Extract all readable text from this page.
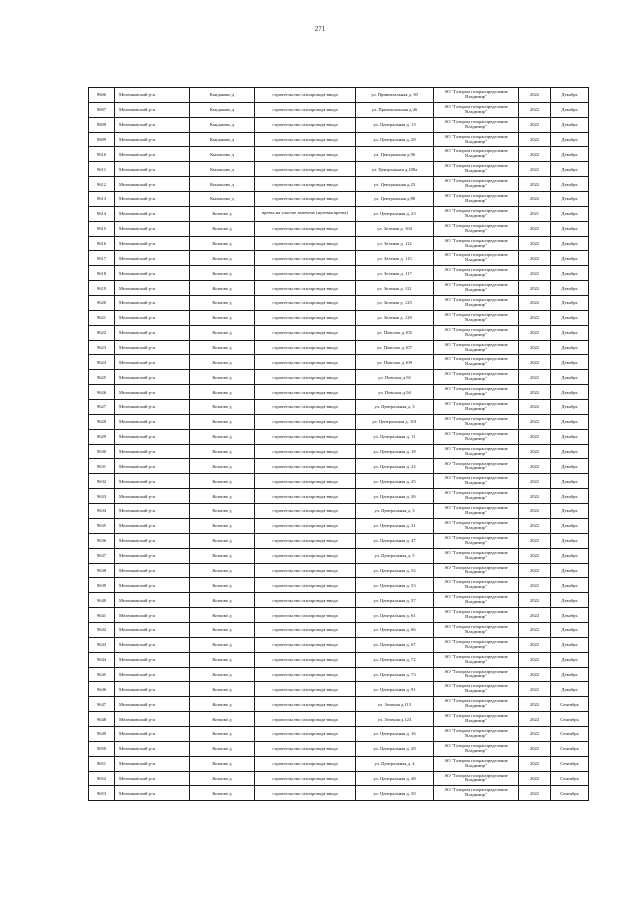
271
9606	Меленковский р-н	Кондаково д	строительство газопровода-ввода	ул. Привокзальная д. 50	АО "Газпром газораспределение Владимир"	2022	Декабрь
9607	Меленковский р-н	Кондаково д	строительство газопровода-ввода	ул. Привокзальная д.26	АО "Газпром газораспределение Владимир"	2022	Декабрь
9608	Меленковский р-н	Кондаково д	строительство газопровода-ввода	ул. Центральная д. 13	АО "Газпром газораспределение Владимир"	2022	Декабрь
9609	Меленковский р-н	Кондаково д	строительство газопровода-ввода	ул. Центральная д. 28	АО "Газпром газораспределение Владимир"	2022	Декабрь
9610	Меленковский р-н	Коношово д	строительство газопровода-ввода	ул. Центральная д.96	АО "Газпром газораспределение Владимир"	2022	Декабрь
9611	Меленковский р-н	Коношово д	строительство газопровода-ввода	ул. Центральная д.108а	АО "Газпром газораспределение Владимир"	2022	Декабрь
9612	Меленковский р-н	Коношово д	строительство газопровода-ввода	ул. Центральная д.23	АО "Газпром газораспределение Владимир"	2022	Декабрь
9613	Меленковский р-н	Коношово д	строительство газопровода-ввода	ул. Центральная д.88	АО "Газпром газораспределение Владимир"	2022	Декабрь
9614	Меленковский р-н	Котково д	врезка на участке замечене (нулевая врезка)	ул. Центральная д. 23	АО "Газпром газораспределение Владимир"	2021	Декабрь
9615	Меленковский р-н	Котково д	строительство газопровода-ввода	ул. Зеленая д. 104	АО "Газпром газораспределение Владимир"	2022	Декабрь
9616	Меленковский р-н	Котково д	строительство газопровода-ввода	ул. Зеленая д. 112	АО "Газпром газораспределение Владимир"	2022	Декабрь
9617	Меленковский р-н	Котково д	строительство газопровода-ввода	ул. Зеленая д. 115	АО "Газпром газораспределение Владимир"	2022	Декабрь
9618	Меленковский р-н	Котково д	строительство газопровода-ввода	ул. Зеленая д. 117	АО "Газпром газораспределение Владимир"	2022	Декабрь
9619	Меленковский р-н	Котково д	строительство газопровода-ввода	ул. Зеленая д. 121	АО "Газпром газораспределение Владимир"	2022	Декабрь
9620	Меленковский р-н	Котково д	строительство газопровода-ввода	ул. Зеленая д. 125	АО "Газпром газораспределение Владимир"	2022	Декабрь
9621	Меленковский р-н	Котково д	строительство газопровода-ввода	ул. Зеленая д. 129	АО "Газпром газораспределение Владимир"	2022	Декабрь
9622	Меленковский р-н	Котково д	строительство газопровода-ввода	ул. Поволок д.105	АО "Газпром газораспределение Владимир"	2022	Декабрь
9623	Меленковский р-н	Котково д	строительство газопровода-ввода	ул. Поволок д.107	АО "Газпром газораспределение Владимир"	2022	Декабрь
9624	Меленковский р-н	Котково д	строительство газопровода-ввода	ул. Поволок д.109	АО "Газпром газораспределение Владимир"	2022	Декабрь
9625	Меленковский р-н	Котково д	строительство газопровода-ввода	ул. Поволок д.92	АО "Газпром газораспределение Владимир"	2022	Декабрь
9626	Меленковский р-н	Котково д	строительство газопровода-ввода	ул. Поволок д.94	АО "Газпром газораспределение Владимир"	2022	Декабрь
9627	Меленковский р-н	Котково д	строительство газопровода-ввода	ул. Центральная д. 3	АО "Газпром газораспределение Владимир"	2022	Декабрь
9628	Меленковский р-н	Котково д	строительство газопровода-ввода	ул. Центральная д. 101	АО "Газпром газораспределение Владимир"	2022	Декабрь
9629	Меленковский р-н	Котково д	строительство газопровода-ввода	ул. Центральная д. 11	АО "Газпром газораспределение Владимир"	2022	Декабрь
9630	Меленковский р-н	Котково д	строительство газопровода-ввода	ул. Центральная д. 18	АО "Газпром газораспределение Владимир"	2022	Декабрь
9631	Меленковский р-н	Котково д	строительство газопровода-ввода	ул. Центральная д. 22	АО "Газпром газораспределение Владимир"	2022	Декабрь
9632	Меленковский р-н	Котково д	строительство газопровода-ввода	ул. Центральная д. 25	АО "Газпром газораспределение Владимир"	2022	Декабрь
9633	Меленковский р-н	Котково д	строительство газопровода-ввода	ул. Центральная д. 26	АО "Газпром газораспределение Владимир"	2022	Декабрь
9634	Меленковский р-н	Котково д	строительство газопровода-ввода	ул. Центральная д. 3	АО "Газпром газораспределение Владимир"	2022	Декабрь
9635	Меленковский р-н	Котково д	строительство газопровода-ввода	ул. Центральная д. 31	АО "Газпром газораспределение Владимир"	2022	Декабрь
9636	Меленковский р-н	Котково д	строительство газопровода-ввода	ул. Центральная д. 47	АО "Газпром газораспределение Владимир"	2022	Декабрь
9637	Меленковский р-н	Котково д	строительство газопровода-ввода	ул. Центральная д. 5	АО "Газпром газораспределение Владимир"	2022	Декабрь
9638	Меленковский р-н	Котково д	строительство газопровода-ввода	ул. Центральная д. 52	АО "Газпром газораспределение Владимир"	2022	Декабрь
9639	Меленковский р-н	Котково д	строительство газопровода-ввода	ул. Центральная д. 53	АО "Газпром газораспределение Владимир"	2022	Декабрь
9640	Меленковский р-н	Котково д	строительство газопровода-ввода	ул. Центральная д. 57	АО "Газпром газораспределение Владимир"	2022	Декабрь
9641	Меленковский р-н	Котково д	строительство газопровода-ввода	ул. Центральная д. 61	АО "Газпром газораспределение Владимир"	2022	Декабрь
9642	Меленковский р-н	Котково д	строительство газопровода-ввода	ул. Центральная д. 66	АО "Газпром газораспределение Владимир"	2022	Декабрь
9643	Меленковский р-н	Котково д	строительство газопровода-ввода	ул. Центральная д. 67	АО "Газпром газораспределение Владимир"	2022	Декабрь
9644	Меленковский р-н	Котково д	строительство газопровода-ввода	ул. Центральная д. 72	АО "Газпром газораспределение Владимир"	2022	Декабрь
9645	Меленковский р-н	Котково д	строительство газопровода-ввода	ул. Центральная д. 73	АО "Газпром газораспределение Владимир"	2022	Декабрь
9646	Меленковский р-н	Котково д	строительство газопровода-ввода	ул. Центральная д. 91	АО "Газпром газораспределение Владимир"	2022	Декабрь
9647	Меленковский р-н	Котково д	строительство газопровода-ввода	ул. Зеленая д.113	АО "Газпром газораспределение Владимир"	2022	Сентябрь
9648	Меленковский р-н	Котково д	строительство газопровода-ввода	ул. Зеленая д.123	АО "Газпром газораспределение Владимир"	2022	Сентябрь
9649	Меленковский р-н	Котково д	строительство газопровода-ввода	ул. Центральная д. 16	АО "Газпром газораспределение Владимир"	2022	Сентябрь
9650	Меленковский р-н	Котково д	строительство газопровода-ввода	ул. Центральная д. 28	АО "Газпром газораспределение Владимир"	2022	Сентябрь
9651	Меленковский р-н	Котково д	строительство газопровода-ввода	ул. Центральная д. 4	АО "Газпром газораспределение Владимир"	2022	Сентябрь
9652	Меленковский р-н	Котково д	строительство газопровода-ввода	ул. Центральная д. 48	АО "Газпром газораспределение Владимир"	2022	Сентябрь
9653	Меленковский р-н	Котково д	строительство газопровода-ввода	ул. Центральная д. 50	АО "Газпром газораспределение Владимир"	2022	Сентябрь
